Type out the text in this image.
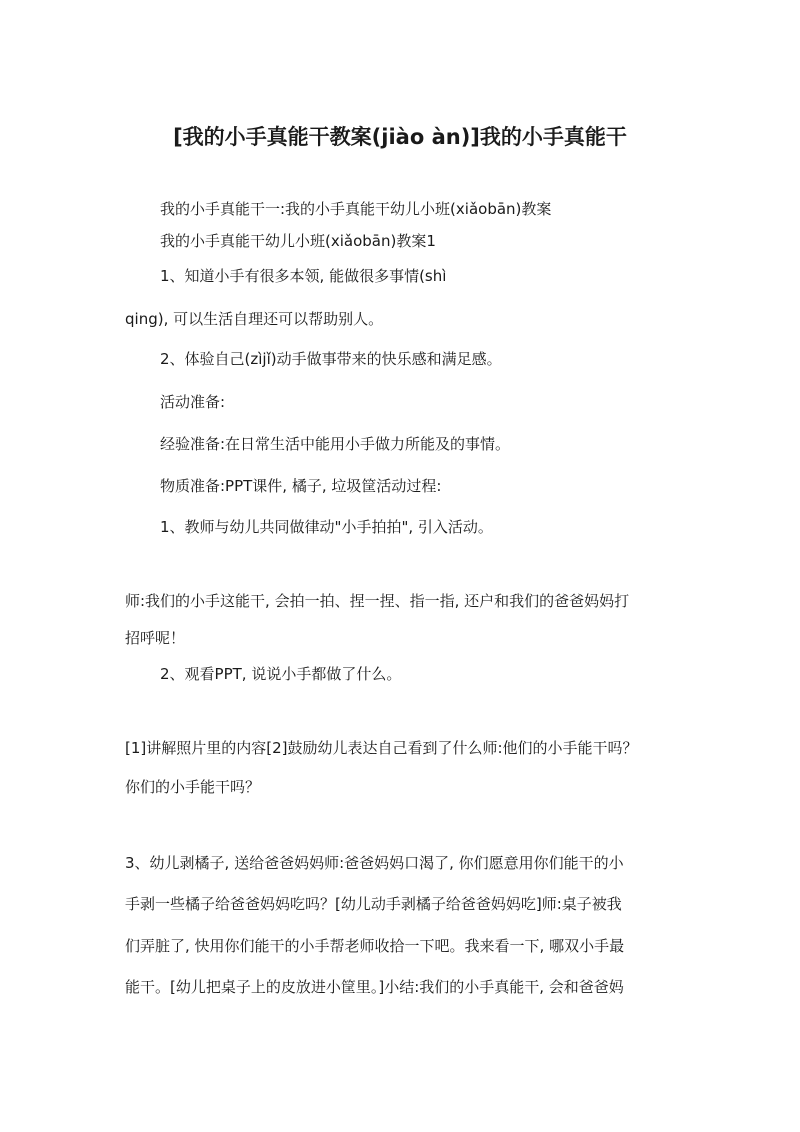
[我的小手真能干教案(jiào àn)]我的小手真能干
我的小手真能干一:我的小手真能干幼儿小班(xiǎobān)教案
我的小手真能干幼儿小班(xiǎobān)教案1
1、知道小手有很多本领, 能做很多事情(shì
qing), 可以生活自理还可以帮助别人。
2、体验自己(zìjǐ)动手做事带来的快乐感和满足感。
活动准备:
经验准备:在日常生活中能用小手做力所能及的事情。
物质准备:PPT课件, 橘子, 垃圾筐活动过程:
1、教师与幼儿共同做律动"小手拍拍", 引入活动。
师:我们的小手这能干, 会拍一拍、捏一捏、指一指, 还户和我们的爸爸妈妈打
招呼呢！
2、观看PPT, 说说小手都做了什么。
[1]讲解照片里的内容[2]鼓励幼儿表达自己看到了什么师:他们的小手能干吗？
你们的小手能干吗？
3、幼儿剥橘子, 送给爸爸妈妈师:爸爸妈妈口渴了, 你们愿意用你们能干的小
手剥一些橘子给爸爸妈妈吃吗？[幼儿动手剥橘子给爸爸妈妈吃]师:桌子被我
们弄脏了, 快用你们能干的小手帮老师收拾一下吧。我来看一下, 哪双小手最
能干。[幼儿把桌子上的皮放进小筐里。]小结:我们的小手真能干, 会和爸爸妈
